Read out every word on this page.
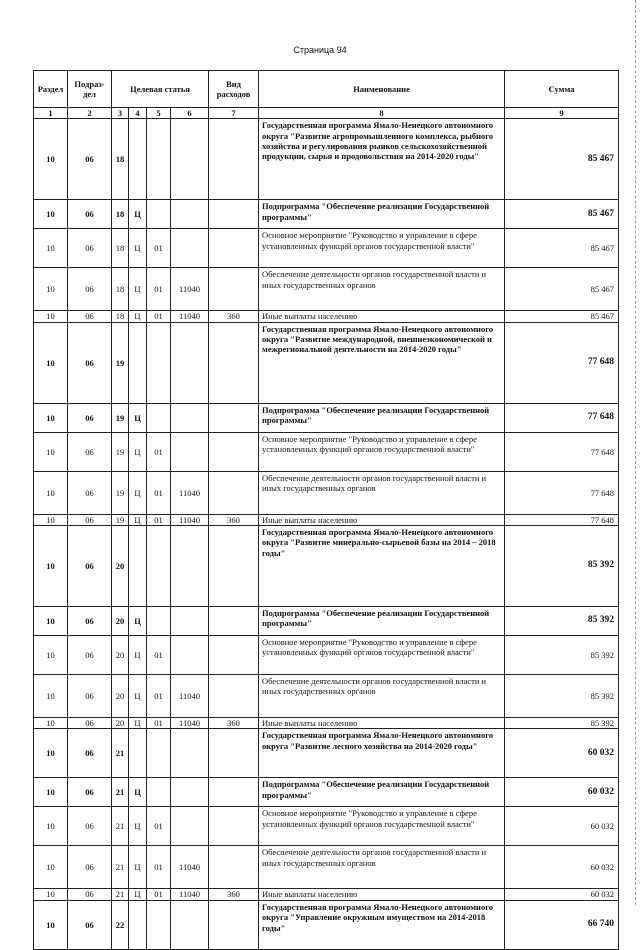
Страница 94
Раздел	Подраз-дел	Целевая статья				Вид расходов	Наименование	Сумма
1	2	3	4	5	6	7	8	9
10	06	18					Государственная программа Ямало-Ненецкого автономного округа "Развитие агропромышленного комплекса, рыбного хозяйства и регулирования рынков сельскохозяйственной продукции, сырья и продовольствия на 2014-2020 годы"	85 467
10	06	18	Ц				Подпрограмма "Обеспечение реализации Государственной программы"	85 467
10	06	18	Ц	01			Основное мероприятие "Руководство и управление в сфере установленных функций органов государственной власти"	85 467
10	06	18	Ц	01	11040		Обеспечение деятельности органов государственной власти и иных государственных органов	85 467
10	06	18	Ц	01	11040	360	Иные выплаты населению	85 467
10	06	19					Государственная программа Ямало-Ненецкого автономного округа "Развитие международной, внешнеэкономической и межрегиональной деятельности на 2014-2020 годы"	77 648
10	06	19	Ц				Подпрограмма "Обеспечение реализации Государственной программы"	77 648
10	06	19	Ц	01			Основное мероприятие "Руководство и управление в сфере установленных функций органов государственной власти"	77 648
10	06	19	Ц	01	11040		Обеспечение деятельности органов государственной власти и иных государственных органов	77 648
10	06	19	Ц	01	11040	360	Иные выплаты населению	77 648
10	06	20					Государственная программа Ямало-Ненецкого автономного округа "Развитие минерально-сырьевой базы на 2014 – 2018 годы"	85 392
10	06	20	Ц				Подпрограмма "Обеспечение реализации Государственной программы"	85 392
10	06	20	Ц	01			Основное мероприятие "Руководство и управление в сфере установленных функций органов государственной власти"	85 392
10	06	20	Ц	01	11040		Обеспечение деятельности органов государственной власти и иных государственных органов	85 392
10	06	20	Ц	01	11040	360	Иные выплаты населению	85 392
10	06	21					Государственная программа Ямало-Ненецкого автономного округа "Развитие лесного хозяйства на 2014-2020 годы"	60 032
10	06	21	Ц				Подпрограмма "Обеспечение реализации Государственной программы"	60 032
10	06	21	Ц	01			Основное мероприятие "Руководство и управление в сфере установленных функций органов государственной власти"	60 032
10	06	21	Ц	01	11040		Обеспечение деятельности органов государственной власти и иных государственных органов	60 032
10	06	21	Ц	01	11040	360	Иные выплаты населению	60 032
10	06	22					Государственная программа Ямало-Ненецкого автономного округа "Управление окружным имуществом на 2014-2018 годы"	66 740
